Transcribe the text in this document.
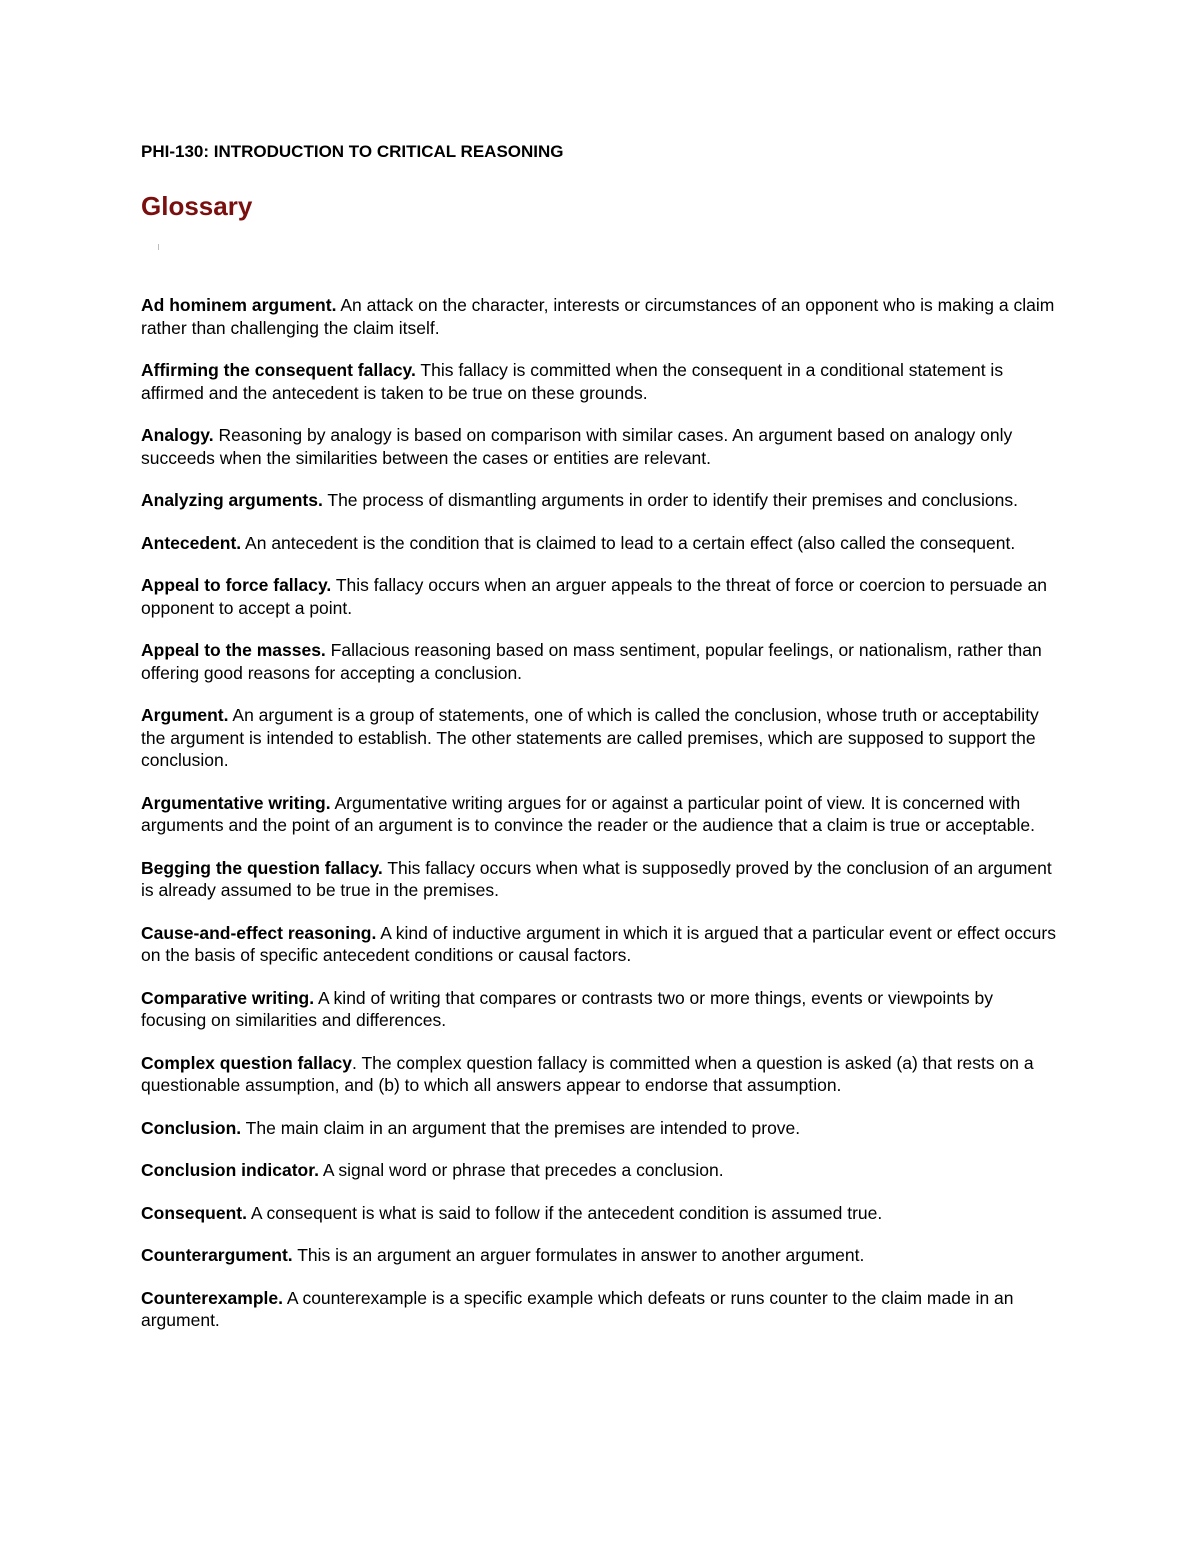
PHI-130: INTRODUCTION TO CRITICAL REASONING

Glossary

Ad hominem argument. An attack on the character, interests or circumstances of an opponent who is making a claim rather than challenging the claim itself.

Affirming the consequent fallacy. This fallacy is committed when the consequent in a conditional statement is affirmed and the antecedent is taken to be true on these grounds.

Analogy. Reasoning by analogy is based on comparison with similar cases. An argument based on analogy only succeeds when the similarities between the cases or entities are relevant.

Analyzing arguments. The process of dismantling arguments in order to identify their premises and conclusions.

Antecedent. An antecedent is the condition that is claimed to lead to a certain effect (also called the consequent.

Appeal to force fallacy. This fallacy occurs when an arguer appeals to the threat of force or coercion to persuade an opponent to accept a point.

Appeal to the masses. Fallacious reasoning based on mass sentiment, popular feelings, or nationalism, rather than offering good reasons for accepting a conclusion.

Argument. An argument is a group of statements, one of which is called the conclusion, whose truth or acceptability the argument is intended to establish. The other statements are called premises, which are supposed to support the conclusion.

Argumentative writing. Argumentative writing argues for or against a particular point of view. It is concerned with arguments and the point of an argument is to convince the reader or the audience that a claim is true or acceptable.

Begging the question fallacy. This fallacy occurs when what is supposedly proved by the conclusion of an argument is already assumed to be true in the premises.

Cause-and-effect reasoning. A kind of inductive argument in which it is argued that a particular event or effect occurs on the basis of specific antecedent conditions or causal factors.

Comparative writing. A kind of writing that compares or contrasts two or more things, events or viewpoints by focusing on similarities and differences.

Complex question fallacy. The complex question fallacy is committed when a question is asked (a) that rests on a questionable assumption, and (b) to which all answers appear to endorse that assumption.

Conclusion. The main claim in an argument that the premises are intended to prove.

Conclusion indicator. A signal word or phrase that precedes a conclusion.

Consequent. A consequent is what is said to follow if the antecedent condition is assumed true.

Counterargument. This is an argument an arguer formulates in answer to another argument.

Counterexample. A counterexample is a specific example which defeats or runs counter to the claim made in an argument.
